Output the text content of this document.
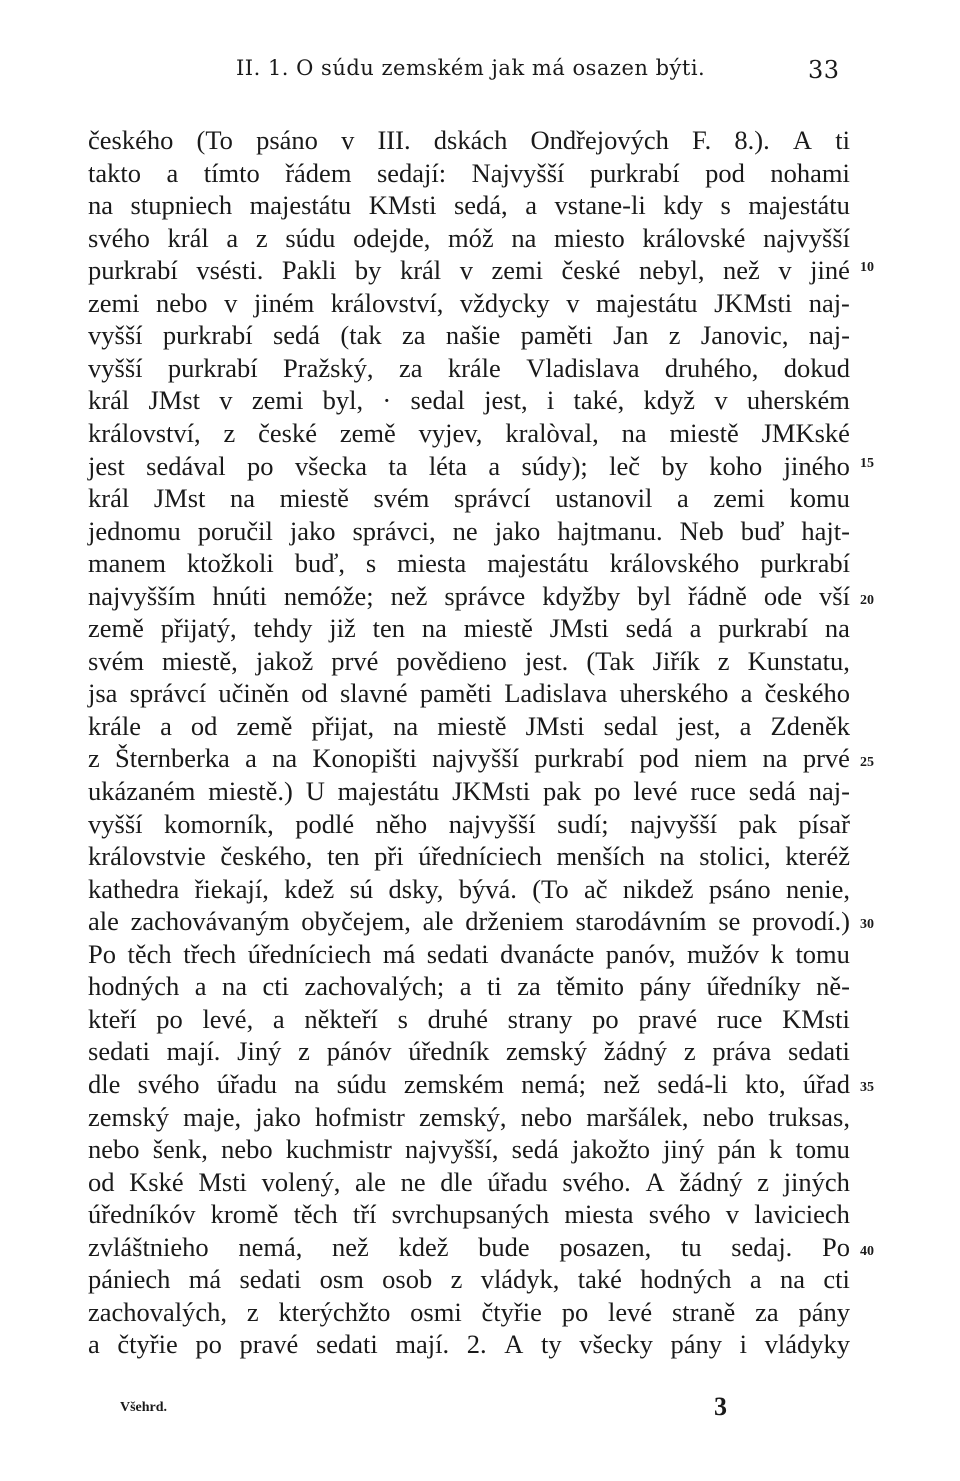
II. 1. O súdu zemském jak má osazen býti.	33
českého (To psáno v III. dskách Ondřejových F. 8.). A ti
takto a tímto řádem sedají: Najvyšší purkrabí pod nohami
na stupniech majestátu KMsti sedá, a vstane-li kdy s majestátu
svého král a z súdu odejde, móž na miesto královské najvyšší
purkrabí vsésti. Pakli by král v zemi české nebyl, než v jiné
zemi nebo v jiném království, vždycky v majestátu JKMsti naj-
vyšší purkrabí sedá (tak za našie paměti Jan z Janovic, naj-
vyšší purkrabí Pražský, za krále Vladislava druhého, dokud
král JMst v zemi byl, · sedal jest, i také, když v uherském
království, z české země vyjev, kralòval, na miestě JMKské
jest sedával po všecka ta léta a súdy); leč by koho jiného
král JMst na miestě svém správcí ustanovil a zemi komu
jednomu poručil jako správci, ne jako hajtmanu. Neb buď hajt-
manem ktožkoli buď, s miesta majestátu královského purkrabí
najvyšším hnúti nemóže; než správce kdyžby byl řádně ode vší
země přijatý, tehdy již ten na miestě JMsti sedá a purkrabí na
svém miestě, jakož prvé povědieno jest. (Tak Jiřík z Kunstatu,
jsa správcí učiněn od slavné paměti Ladislava uherského a českého
krále a od země přijat, na miestě JMsti sedal jest, a Zdeněk
z Šternberka a na Konopišti najvyšší purkrabí pod niem na prvé
ukázaném miestě.) U majestátu JKMsti pak po levé ruce sedá naj-
vyšší komorník, podlé něho najvyšší sudí; najvyšší pak písař
královstvie českého, ten při úředníciech menších na stolici, kteréž
kathedra řiekají, kdež sú dsky, bývá. (To ač nikdež psáno nenie,
ale zachovávaným obyčejem, ale drženiem starodávním se provodí.)
Po těch třech úředníciech má sedati dvanácte panóv, mužóv k tomu
hodných a na cti zachovalých; a ti za těmito pány úředníky ně-
kteří po levé, a někteří s druhé strany po pravé ruce KMsti
sedati mají. Jiný z pánóv úředník zemský žádný z práva sedati
dle svého úřadu na súdu zemském nemá; než sedá-li kto, úřad
zemský maje, jako hofmistr zemský, nebo maršálek, nebo truksas,
nebo šenk, nebo kuchmistr najvyšší, sedá jakožto jiný pán k tomu
od Kské Msti volený, ale ne dle úřadu svého. A žádný z jiných
úředníkóv kromě těch tří svrchupsaných miesta svého v laviciech
zvláštnieho nemá, než kdež bude posazen, tu sedaj. Po
pániech má sedati osm osob z vládyk, také hodných a na cti
zachovalých, z kterýchžto osmi čtyřie po levé straně za pány
a čtyřie po pravé sedati mají. 2. A ty všecky pány i vládyky
10
15
20
25
30
35
40
Všehrd.	3
